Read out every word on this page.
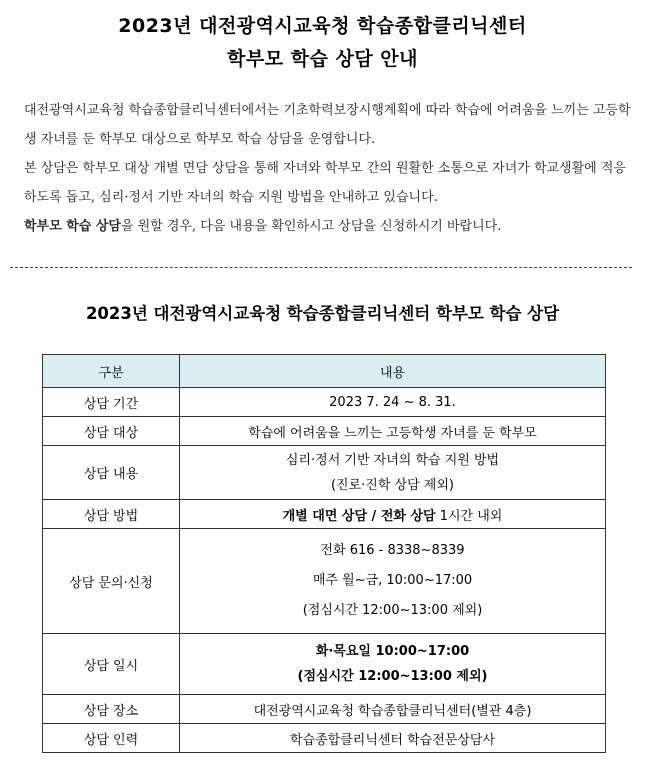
2023년 대전광역시교육청 학습종합클리닉센터
학부모 학습 상담 안내

대전광역시교육청 학습종합클리닉센터에서는 기초학력보장시행계획에 따라 학습에 어려움을 느끼는 고등학생 자녀를 둔 학부모 대상으로 학부모 학습 상담을 운영합니다.

본 상담은 학부모 대상 개별 면담 상담을 통해 자녀와 학부모 간의 원활한 소통으로 자녀가 학교생활에 적응하도록 돕고, 심리·정서 기반 자녀의 학습 지원 방법을 안내하고 있습니다.

학부모 학습 상담을 원할 경우, 다음 내용을 확인하시고 상담을 신청하시기 바랍니다.

2023년 대전광역시교육청 학습종합클리닉센터 학부모 학습 상담
구분	내용
상담 기간	2023 7. 24 ~ 8. 31.
상담 대상	학습에 어려움을 느끼는 고등학생 자녀를 둔 학부모
상담 내용	심리·정서 기반 자녀의 학습 지원 방법
(진로·진학 상담 제외)

상담 방법	개별 대면 상담 / 전화 상담 1시간 내외
상담 문의·신청	전화 616 - 8338~8339
매주 월~금, 10:00~17:00
(점심시간 12:00~13:00 제외)

상담 일시	화·목요일 10:00~17:00
(점심시간 12:00~13:00 제외)

상담 장소	대전광역시교육청 학습종합클리닉센터(별관 4층)
상담 인력	학습종합클리닉센터 학습전문상담사
